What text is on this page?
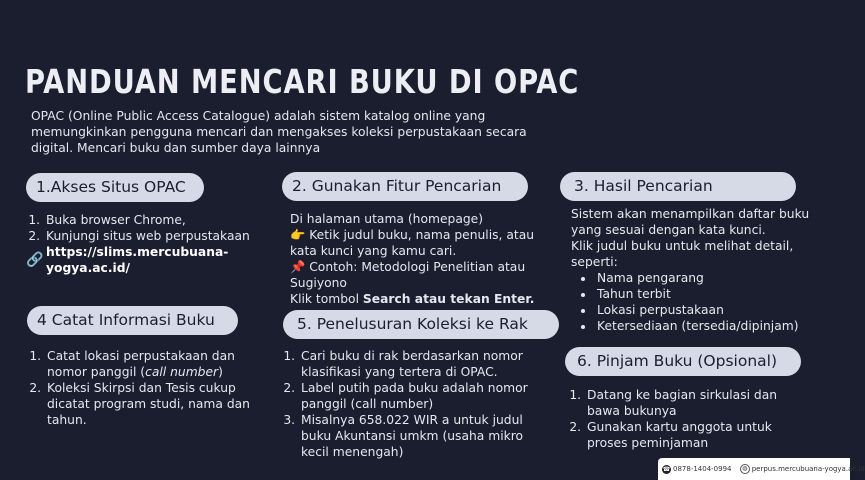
PANDUAN MENCARI BUKU DI OPAC
OPAC (Online Public Access Catalogue) adalah sistem katalog online yang memungkinkan pengguna mencari dan mengakses koleksi perpustakaan secara digital. Mencari buku dan sumber daya lainnya
1.Akses Situs OPAC
1. Buka browser Chrome,
2. Kunjungi situs web perpustakaan
🔗 https://slims.mercubuana-yogya.ac.id/
2. Gunakan Fitur Pencarian
Di halaman utama (homepage)
👉 Ketik judul buku, nama penulis, atau kata kunci yang kamu cari.
📌 Contoh: Metodologi Penelitian atau Sugiyono
Klik tombol Search atau tekan Enter.
3. Hasil Pencarian
Sistem akan menampilkan daftar buku yang sesuai dengan kata kunci.
Klik judul buku untuk melihat detail, seperti:
• Nama pengarang
• Tahun terbit
• Lokasi perpustakaan
• Ketersediaan (tersedia/dipinjam)
4 Catat Informasi Buku
1. Catat lokasi perpustakaan dan nomor panggil (call number)
2. Koleksi Skirpsi dan Tesis cukup dicatat program studi, nama dan tahun.
5. Penelusuran Koleksi ke Rak
1. Cari buku di rak berdasarkan nomor klasifikasi yang tertera di OPAC.
2. Label putih pada buku adalah nomor panggil (call number)
3. Misalnya 658.022 WIR a untuk judul buku Akuntansi umkm (usaha mikro kecil menengah)
6. Pinjam Buku (Opsional)
1. Datang ke bagian sirkulasi dan bawa bukunya
2. Gunakan kartu anggota untuk proses peminjaman
☎ 0878-1404-0994 ◍ perpus.mercubuana-yogya.ac.id
